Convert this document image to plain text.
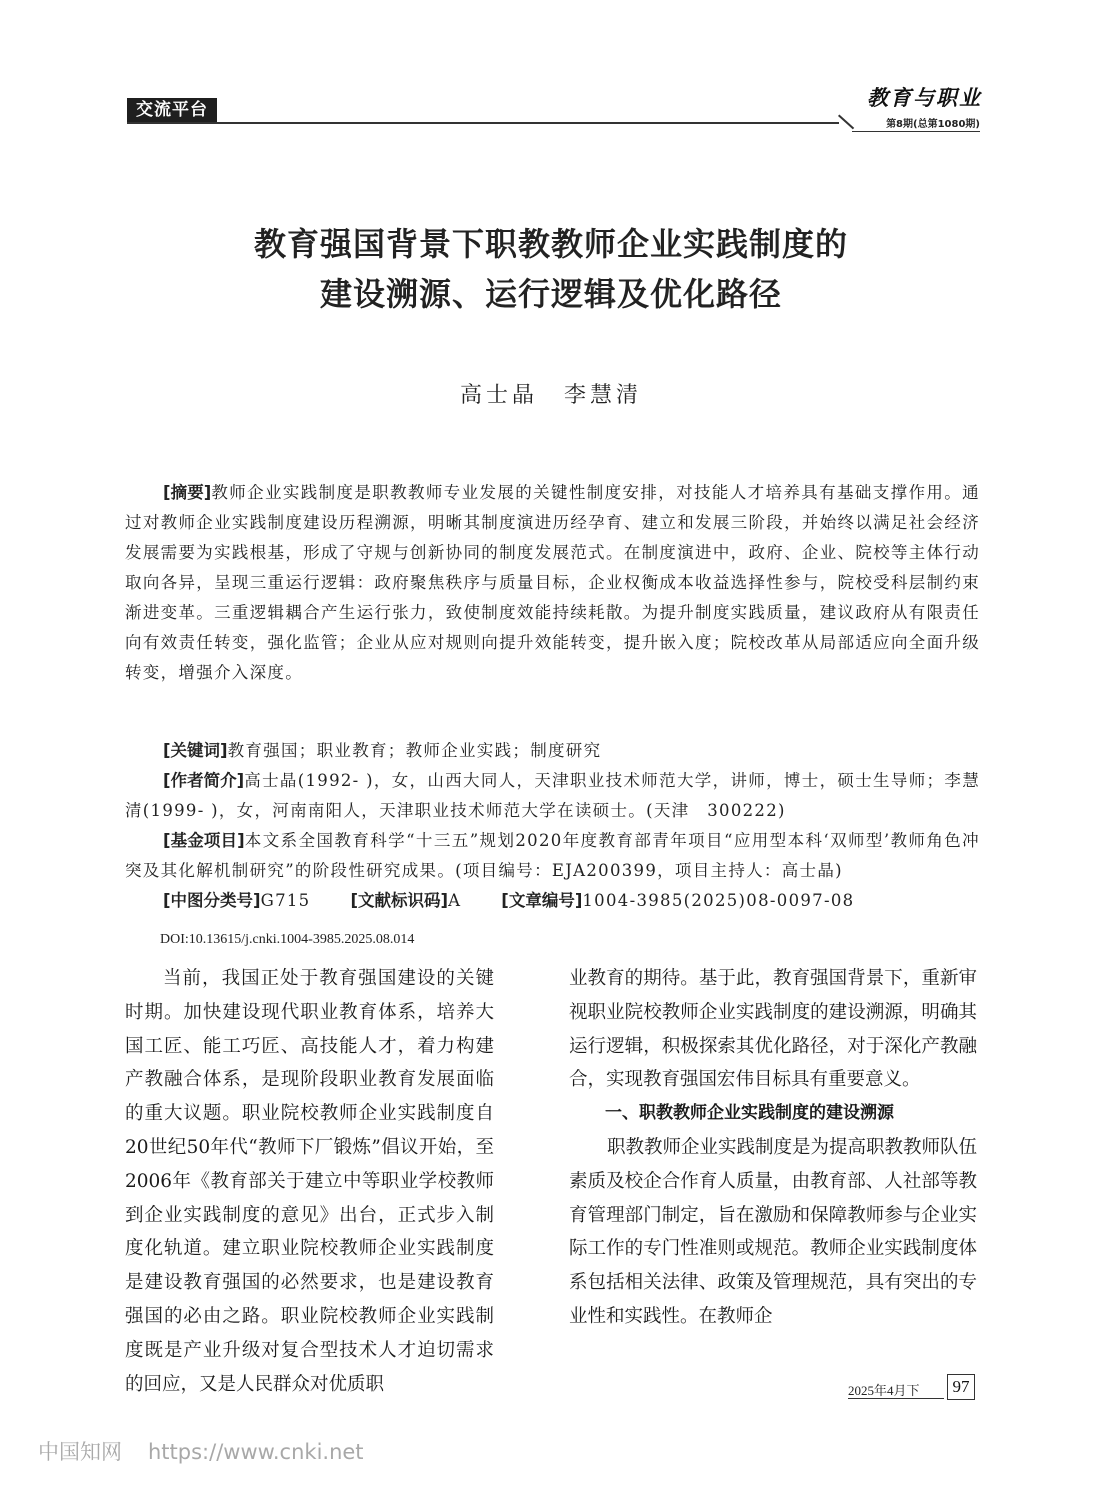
交流平台	教育与职业
第8期(总第1080期)
教育强国背景下职教教师企业实践制度的
建设溯源、运行逻辑及优化路径
高士晶　李慧清
[摘要]教师企业实践制度是职教教师专业发展的关键性制度安排，对技能人才培养具有基础支撑作用。通过对教师企业实践制度建设历程溯源，明晰其制度演进历经孕育、建立和发展三阶段，并始终以满足社会经济发展需要为实践根基，形成了守规与创新协同的制度发展范式。在制度演进中，政府、企业、院校等主体行动取向各异，呈现三重运行逻辑：政府聚焦秩序与质量目标，企业权衡成本收益选择性参与，院校受科层制约束渐进变革。三重逻辑耦合产生运行张力，致使制度效能持续耗散。为提升制度实践质量，建议政府从有限责任向有效责任转变，强化监管；企业从应对规则向提升效能转变，提升嵌入度；院校改革从局部适应向全面升级转变，增强介入深度。

[关键词]教育强国；职业教育；教师企业实践；制度研究

[作者简介]高士晶(1992- )，女，山西大同人，天津职业技术师范大学，讲师，博士，硕士生导师；李慧清(1999- )，女，河南南阳人，天津职业技术师范大学在读硕士。(天津　300222)

[基金项目]本文系全国教育科学“十三五”规划2020年度教育部青年项目“应用型本科‘双师型’教师角色冲突及其化解机制研究”的阶段性研究成果。(项目编号：EJA200399，项目主持人：高士晶)

[中图分类号]G715 [文献标识码]A [文章编号]1004-3985(2025)08-0097-08

DOI:10.13615/j.cnki.1004-3985.2025.08.014

当前，我国正处于教育强国建设的关键时期。加快建设现代职业教育体系，培养大国工匠、能工巧匠、高技能人才，着力构建产教融合体系，是现阶段职业教育发展面临的重大议题。职业院校教师企业实践制度自20世纪50年代“教师下厂锻炼”倡议开始，至2006年《教育部关于建立中等职业学校教师到企业实践制度的意见》出台，正式步入制度化轨道。建立职业院校教师企业实践制度是建设教育强国的必然要求，也是建设教育强国的必由之路。职业院校教师企业实践制度既是产业升级对复合型技术人才迫切需求的回应，又是人民群众对优质职

业教育的期待。基于此，教育强国背景下，重新审视职业院校教师企业实践制度的建设溯源，明确其运行逻辑，积极探索其优化路径，对于深化产教融合，实现教育强国宏伟目标具有重要意义。

一、职教教师企业实践制度的建设溯源

职教教师企业实践制度是为提高职教教师队伍素质及校企合作育人质量，由教育部、人社部等教育管理部门制定，旨在激励和保障教师参与企业实际工作的专门性准则或规范。教师企业实践制度体系包括相关法律、政策及管理规范，具有突出的专业性和实践性。在教师企

2025年4月下	97
中国知网 https://www.cnki.net
